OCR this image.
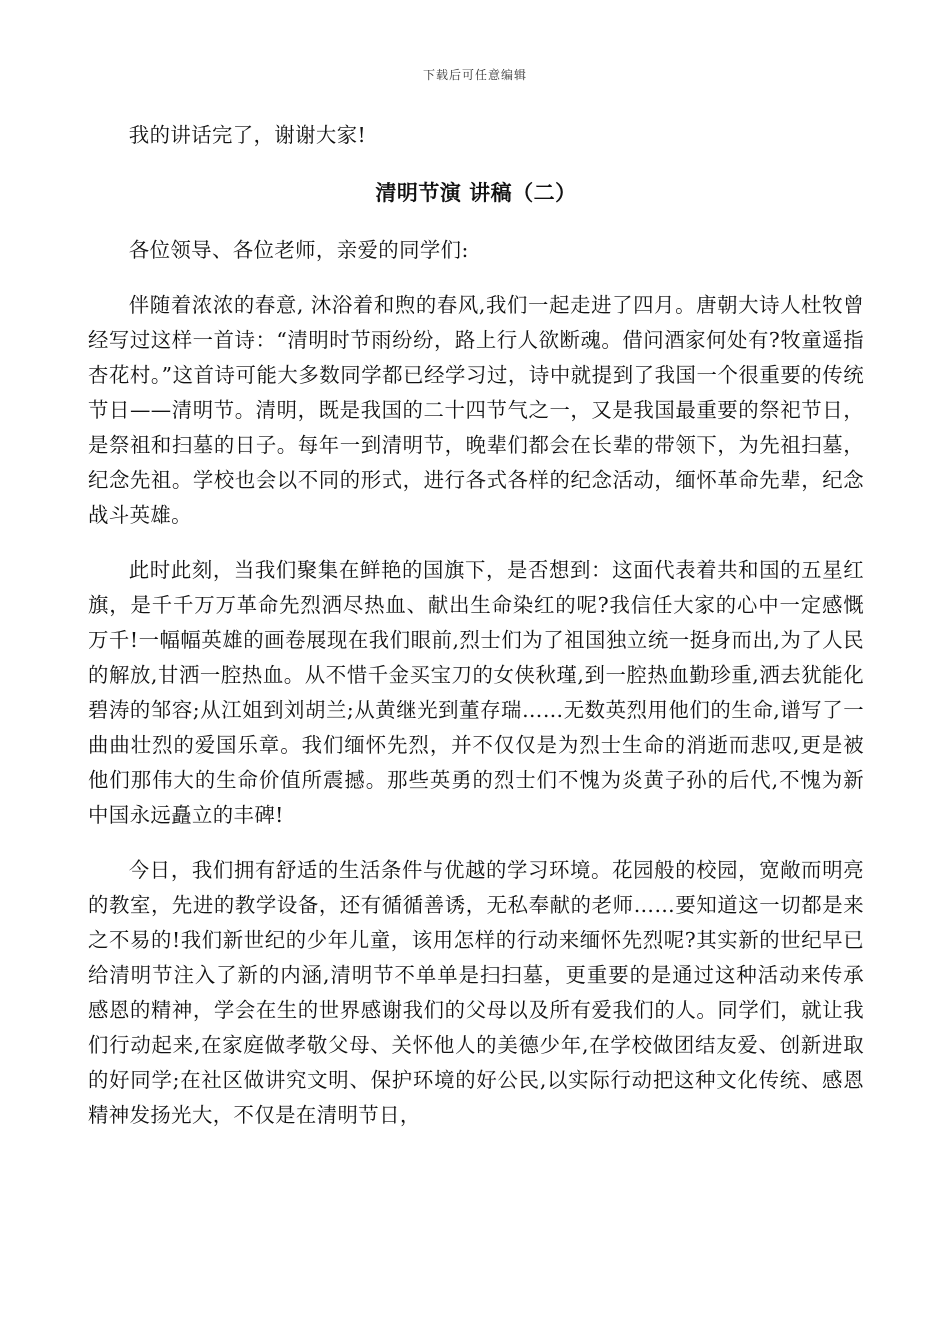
下载后可任意编辑

我的讲话完了，谢谢大家!

清明节演 讲稿（二）

各位领导、各位老师，亲爱的同学们:

伴随着浓浓的春意, 沐浴着和煦的春风,我们一起走进了四月。唐朝大诗人杜牧曾经写过这样一首诗：“清明时节雨纷纷，路上行人欲断魂。借问酒家何处有?牧童遥指杏花村。”这首诗可能大多数同学都已经学习过，诗中就提到了我国一个很重要的传统节日——清明节。清明，既是我国的二十四节气之一，又是我国最重要的祭祀节日，是祭祖和扫墓的日子。每年一到清明节，晚辈们都会在长辈的带领下，为先祖扫墓，纪念先祖。学校也会以不同的形式，进行各式各样的纪念活动，缅怀革命先辈，纪念战斗英雄。

此时此刻，当我们聚集在鲜艳的国旗下，是否想到：这面代表着共和国的五星红旗，是千千万万革命先烈洒尽热血、献出生命染红的呢?我信任大家的心中一定感慨万千!一幅幅英雄的画卷展现在我们眼前,烈士们为了祖国独立统一挺身而出,为了人民的解放,甘洒一腔热血。从不惜千金买宝刀的女侠秋瑾,到一腔热血勤珍重,洒去犹能化碧涛的邹容;从江姐到刘胡兰;从黄继光到董存瑞……无数英烈用他们的生命,谱写了一曲曲壮烈的爱国乐章。我们缅怀先烈，并不仅仅是为烈士生命的消逝而悲叹,更是被他们那伟大的生命价值所震撼。那些英勇的烈士们不愧为炎黄子孙的后代,不愧为新中国永远矗立的丰碑!

今日，我们拥有舒适的生活条件与优越的学习环境。花园般的校园，宽敞而明亮的教室，先进的教学设备，还有循循善诱，无私奉献的老师……要知道这一切都是来之不易的!我们新世纪的少年儿童，该用怎样的行动来缅怀先烈呢?其实新的世纪早已给清明节注入了新的内涵,清明节不单单是扫扫墓，更重要的是通过这种活动来传承感恩的精神，学会在生的世界感谢我们的父母以及所有爱我们的人。同学们，就让我们行动起来,在家庭做孝敬父母、关怀他人的美德少年,在学校做团结友爱、创新进取的好同学;在社区做讲究文明、保护环境的好公民,以实际行动把这种文化传统、感恩精神发扬光大，不仅是在清明节日，
